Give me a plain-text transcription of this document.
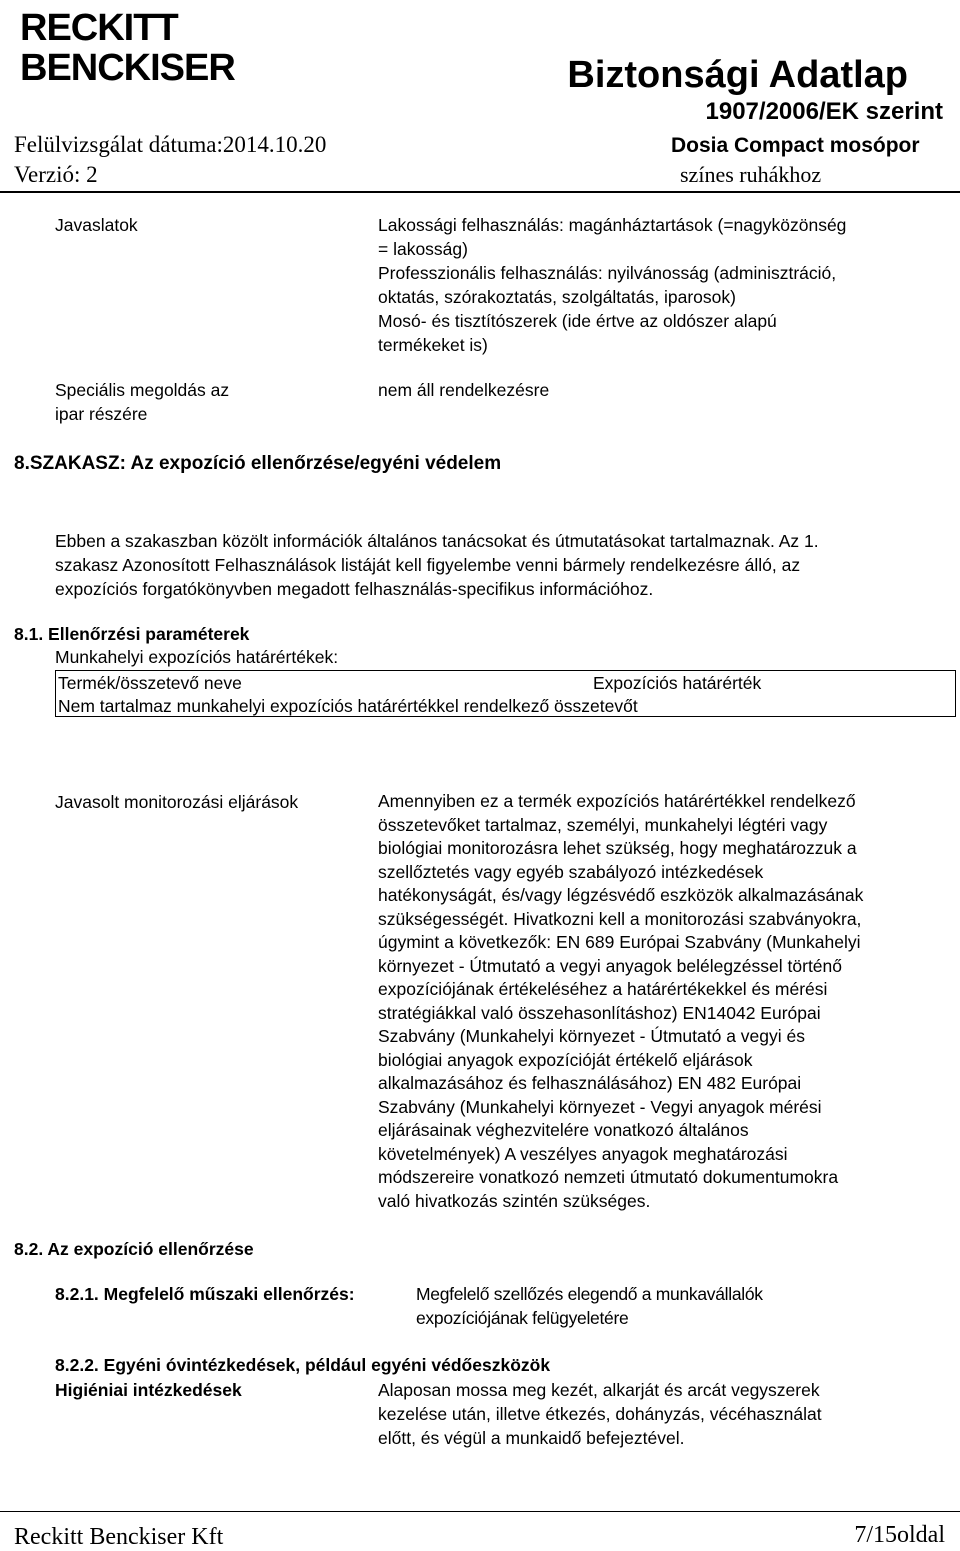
RECKITT
BENCKISER	Biztonsági Adatlap
1907/2006/EK szerint
Felülvizsgálat dátuma:2014.10.20
Verzió: 2
Dosia Compact mosópor
színes ruhákhoz
Javaslatok	Lakossági felhasználás: magánháztartások (=nagyközönség
= lakosság)
Professzionális felhasználás: nyilvánosság (adminisztráció,
oktatás, szórakoztatás, szolgáltatás, iparosok)
Mosó- és tisztítószerek (ide értve az oldószer alapú
termékeket is)
Speciális megoldás az
ipar részére
nem áll rendelkezésre
8.SZAKASZ: Az expozíció ellenőrzése/egyéni védelem
Ebben a szakaszban közölt információk általános tanácsokat és útmutatásokat tartalmaznak. Az 1.
szakasz Azonosított Felhasználások listáját kell figyelembe venni bármely rendelkezésre álló, az
expozíciós forgatókönyvben megadott felhasználás-specifikus információhoz.
8.1. Ellenőrzési paraméterek
Munkahelyi expozíciós határértékek:
Termék/összetevő neve	Expozíciós határérték
Nem tartalmaz munkahelyi expozíciós határértékkel rendelkező összetevőt
Javasolt monitorozási eljárások	Amennyiben ez a termék expozíciós határértékkel rendelkező
összetevőket tartalmaz, személyi, munkahelyi légtéri vagy
biológiai monitorozásra lehet szükség, hogy meghatározzuk a
szellőztetés vagy egyéb szabályozó intézkedések
hatékonyságát, és/vagy légzésvédő eszközök alkalmazásának
szükségességét. Hivatkozni kell a monitorozási szabványokra,
úgymint a következők: EN 689 Európai Szabvány (Munkahelyi
környezet - Útmutató a vegyi anyagok belélegzéssel történő
expozíciójának értékeléséhez a határértékekkel és mérési
stratégiákkal való összehasonlításhoz) EN14042 Európai
Szabvány (Munkahelyi környezet - Útmutató a vegyi és
biológiai anyagok expozícióját értékelő eljárások
alkalmazásához és felhasználásához) EN 482 Európai
Szabvány (Munkahelyi környezet - Vegyi anyagok mérési
eljárásainak véghezvitelére vonatkozó általános
követelmények) A veszélyes anyagok meghatározási
módszereire vonatkozó nemzeti útmutató dokumentumokra
való hivatkozás szintén szükséges.
8.2. Az expozíció ellenőrzése
8.2.1. Megfelelő műszaki ellenőrzés:	Megfelelő szellőzés elegendő a munkavállalók
expozíciójának felügyeletére
8.2.2. Egyéni óvintézkedések, például egyéni védőeszközök
Higiéniai intézkedések	Alaposan mossa meg kezét, alkarját és arcát vegyszerek
kezelése után, illetve étkezés, dohányzás, vécéhasználat
előtt, és végül a munkaidő befejeztével.
Reckitt Benckiser Kft	7/15oldal
